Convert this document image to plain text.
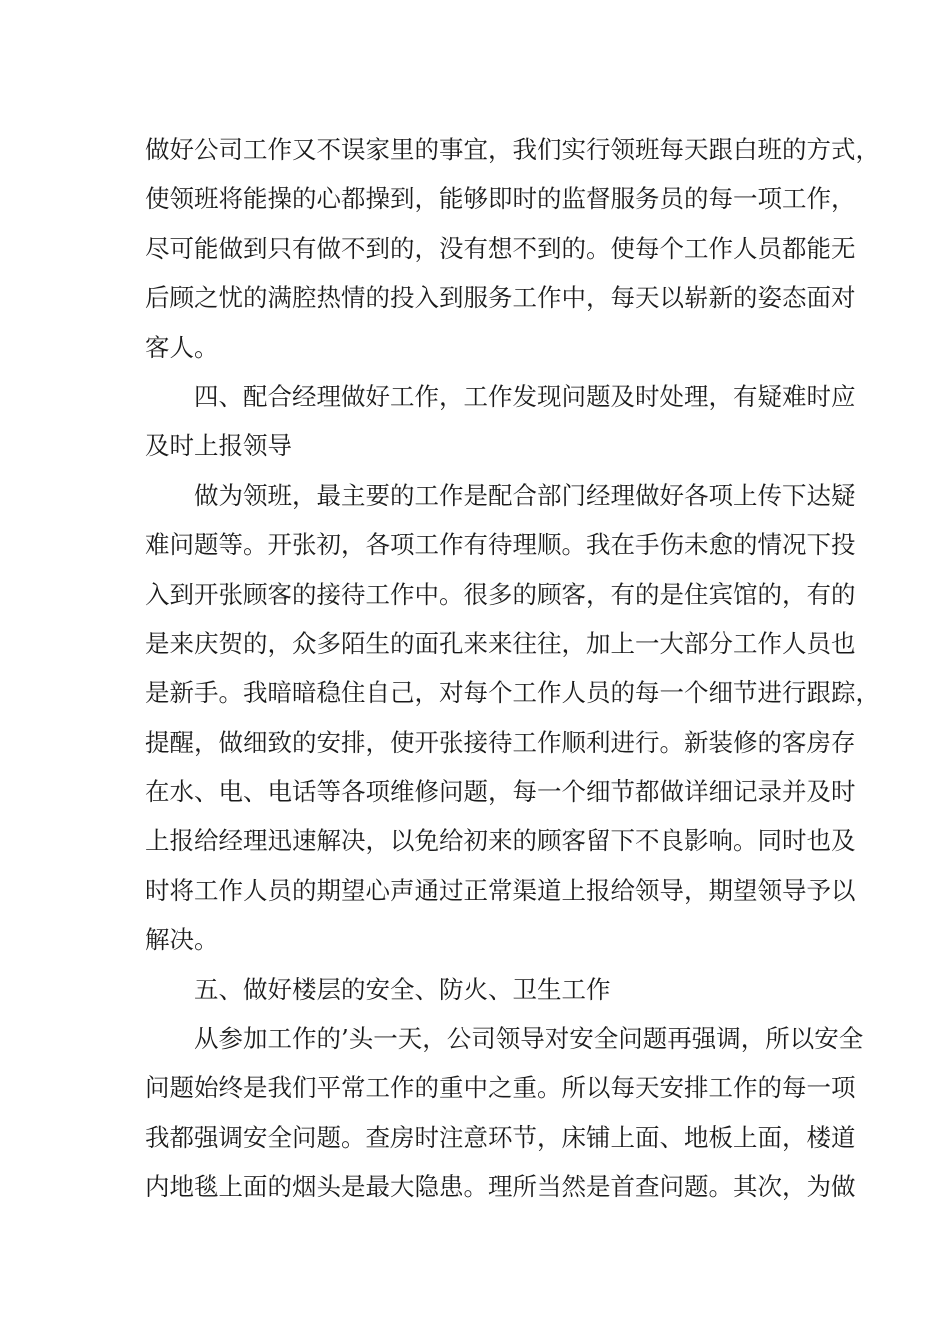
做好公司工作又不误家里的事宜，我们实行领班每天跟白班的方式，
使领班将能操的心都操到，能够即时的监督服务员的每一项工作，
尽可能做到只有做不到的，没有想不到的。使每个工作人员都能无
后顾之忧的满腔热情的投入到服务工作中，每天以崭新的姿态面对
客人。
四、配合经理做好工作，工作发现问题及时处理，有疑难时应
及时上报领导
做为领班，最主要的工作是配合部门经理做好各项上传下达疑
难问题等。开张初，各项工作有待理顺。我在手伤未愈的情况下投
入到开张顾客的接待工作中。很多的顾客，有的是住宾馆的，有的
是来庆贺的，众多陌生的面孔来来往往，加上一大部分工作人员也
是新手。我暗暗稳住自己，对每个工作人员的每一个细节进行跟踪，
提醒，做细致的安排，使开张接待工作顺利进行。新装修的客房存
在水、电、电话等各项维修问题，每一个细节都做详细记录并及时
上报给经理迅速解决，以免给初来的顾客留下不良影响。同时也及
时将工作人员的期望心声通过正常渠道上报给领导，期望领导予以
解决。
五、做好楼层的安全、防火、卫生工作
从参加工作的’头一天，公司领导对安全问题再强调，所以安全
问题始终是我们平常工作的重中之重。所以每天安排工作的每一项
我都强调安全问题。查房时注意环节，床铺上面、地板上面，楼道
内地毯上面的烟头是最大隐患。理所当然是首查问题。其次，为做
